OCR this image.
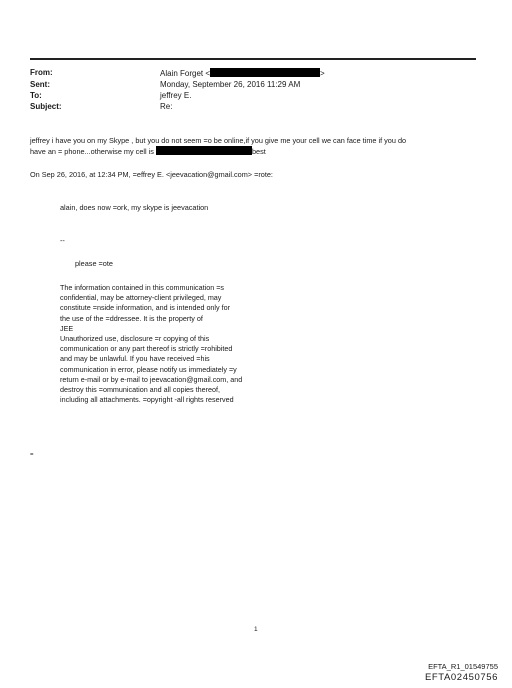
From:	Alain Forget <	>
Sent:	Monday, September 26, 2016 11:29 AM
To:	jeffrey E.
Subject:	Re:
jeffrey i have you on my Skype , but you do not seem =o be online,if you give me your cell we can face time if you do
have an = phone...otherwise my cell is	best
On Sep 26, 2016, at 12:34 PM, =effrey E. <jeevacation@gmail.com> =rote:
alain, does now =ork, my skype is jeevacation
--
please =ote
The information contained in this communication =s
confidential, may be attorney-client privileged, may
constitute =nside information, and is intended only for
the use of the =ddressee. It is the property of
JEE
Unauthorized use, disclosure =r copying of this
communication or any part thereof is strictly =rohibited
and may be unlawful. If you have received =his
communication in error, please notify us immediately =y
return e-mail or by e-mail to jeevacation@gmail.com, and
destroy this =ommunication and all copies thereof,
including all attachments. =opyright -all rights reserved
=
1
EFTA_R1_01549755
EFTA02450756
